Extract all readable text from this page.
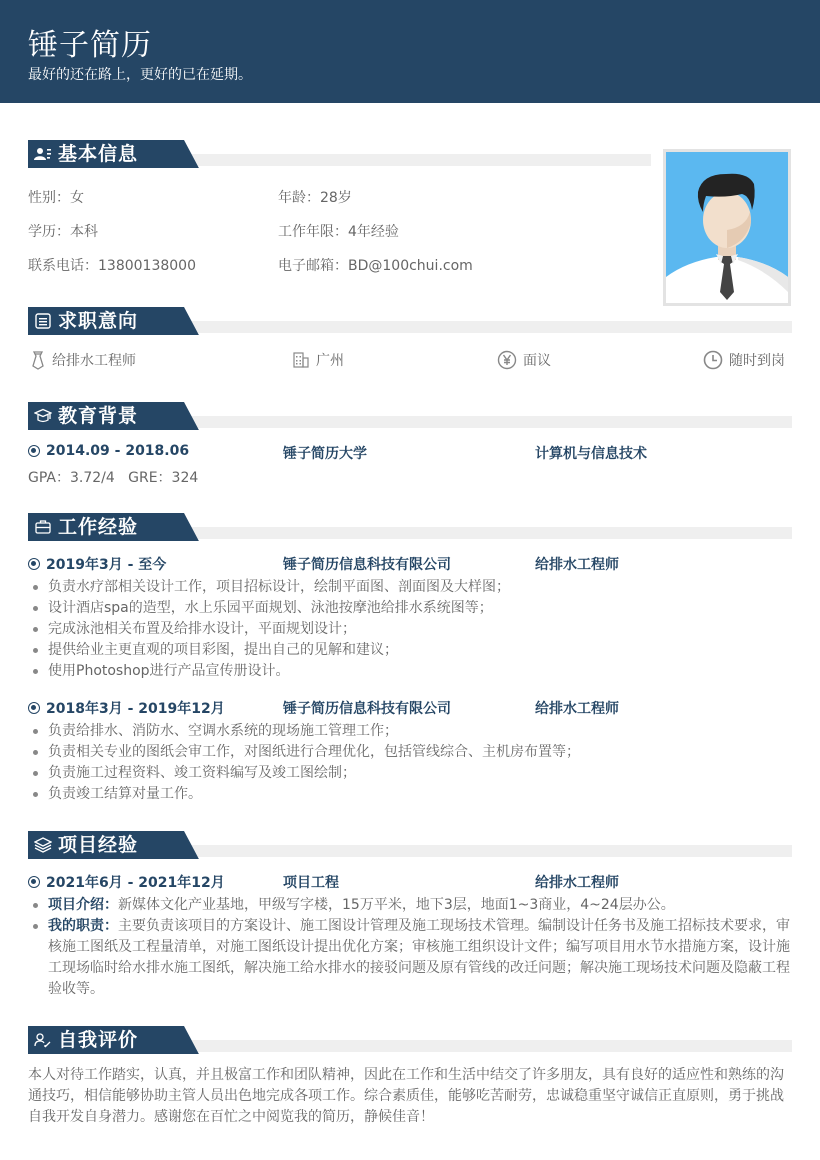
锤子简历
最好的还在路上，更好的已在延期。
基本信息
性别：女	年龄：28岁
学历：本科	工作年限：4年经验
联系电话：13800138000	电子邮箱：BD@100chui.com
求职意向
给排水工程师	广州	面议	随时到岗
教育背景
2014.09 - 2018.06	锤子简历大学	计算机与信息技术
GPA：3.72/4   GRE：324
工作经验
2019年3月 - 至今	锤子简历信息科技有限公司	给排水工程师
负责水疗部相关设计工作，项目招标设计，绘制平面图、剖面图及大样图；
设计酒店spa的造型，水上乐园平面规划、泳池按摩池给排水系统图等；
完成泳池相关布置及给排水设计，平面规划设计；
提供给业主更直观的项目彩图，提出自己的见解和建议；
使用Photoshop进行产品宣传册设计。
2018年3月 - 2019年12月	锤子简历信息科技有限公司	给排水工程师
负责给排水、消防水、空调水系统的现场施工管理工作；
负责相关专业的图纸会审工作，对图纸进行合理优化，包括管线综合、主机房布置等；
负责施工过程资料、竣工资料编写及竣工图绘制；
负责竣工结算对量工作。
项目经验
2021年6月 - 2021年12月	项目工程	给排水工程师
项目介绍：新媒体文化产业基地，甲级写字楼，15万平米，地下3层，地面1~3商业，4~24层办公。
我的职责：主要负责该项目的方案设计、施工图设计管理及施工现场技术管理。编制设计任务书及施工招标技术要求，审核施工图纸及工程量清单，对施工图纸设计提出优化方案；审核施工组织设计文件；编写项目用水节水措施方案，设计施工现场临时给水排水施工图纸，解决施工给水排水的接驳问题及原有管线的改迁问题；解决施工现场技术问题及隐蔽工程验收等。
自我评价
本人对待工作踏实，认真，并且极富工作和团队精神，因此在工作和生活中结交了许多朋友，具有良好的适应性和熟练的沟通技巧，相信能够协助主管人员出色地完成各项工作。综合素质佳，能够吃苦耐劳，忠诚稳重坚守诚信正直原则，勇于挑战自我开发自身潜力。感谢您在百忙之中阅览我的简历，静候佳音！
